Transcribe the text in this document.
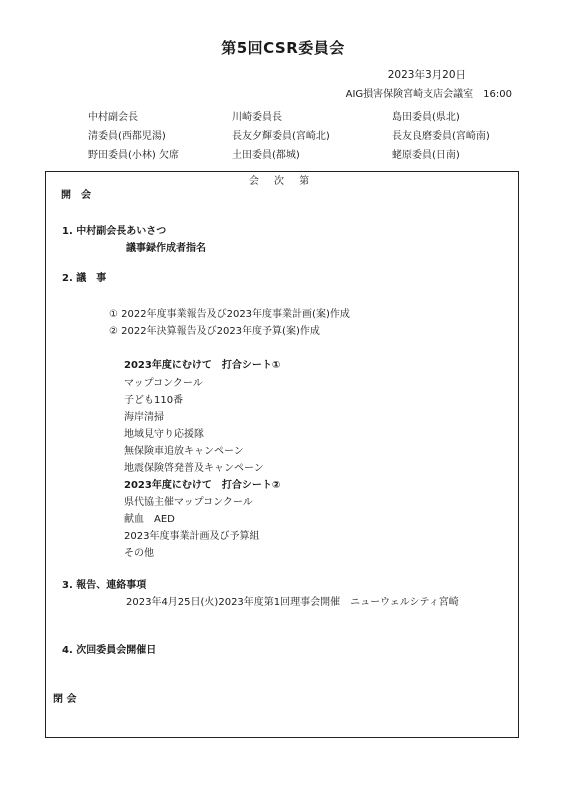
第5回CSR委員会
2023年3月20日
AIG損害保険宮崎支店会議室　16:00
中村副会長	川崎委員長	島田委員(県北)
清委員(西都児湯)	長友夕輝委員(宮崎北)	長友良磨委員(宮崎南)
野田委員(小林) 欠席	土田委員(都城)	蛯原委員(日南)
会 次 第
開　会
1. 中村副会長あいさつ
議事録作成者指名
2. 議　事
① 2022年度事業報告及び2023年度事業計画(案)作成
② 2022年決算報告及び2023年度予算(案)作成
2023年度にむけて　打合シート①
マップコンクール
子ども110番
海岸清掃
地域見守り応援隊
無保険車追放キャンペーン
地震保険啓発普及キャンペーン
2023年度にむけて　打合シート②
県代協主催マップコンクール
献血　AED
2023年度事業計画及び予算組
その他
3. 報告、連絡事項
2023年4月25日(火)2023年度第1回理事会開催　ニューウェルシティ宮崎
4. 次回委員会開催日
閉 会
